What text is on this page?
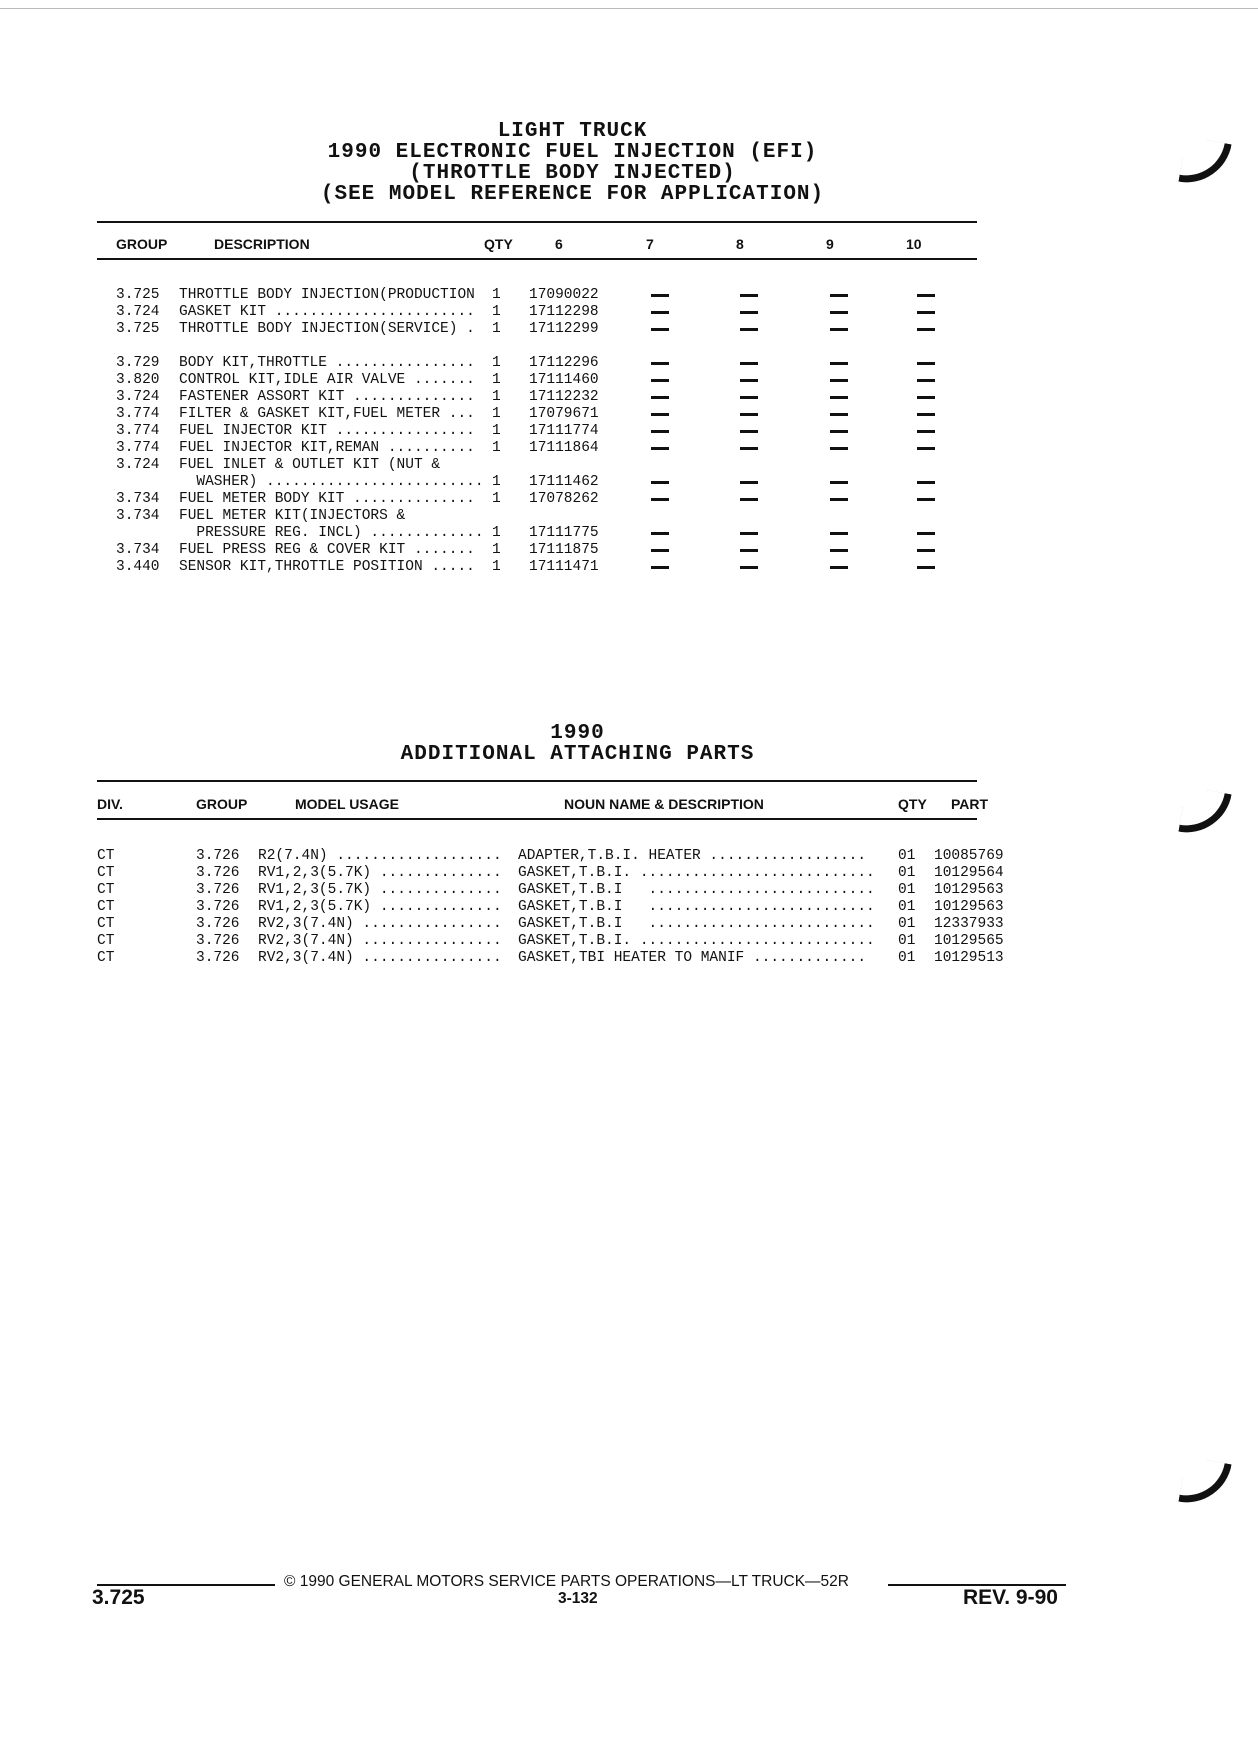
LIGHT TRUCK
1990 ELECTRONIC FUEL INJECTION (EFI)
(THROTTLE BODY INJECTED)
(SEE MODEL REFERENCE FOR APPLICATION)
GROUP	DESCRIPTION	QTY	6	7	8	9	10
3.725 THROTTLE BODY INJECTION(PRODUCTION 1 17090022
3.724 GASKET KIT ....................... 1 17112298
3.725 THROTTLE BODY INJECTION(SERVICE) . 1 17112299
3.729 BODY KIT,THROTTLE ................ 1 17112296
3.820 CONTROL KIT,IDLE AIR VALVE ....... 1 17111460
3.724 FASTENER ASSORT KIT .............. 1 17112232
3.774 FILTER & GASKET KIT,FUEL METER ... 1 17079671
3.774 FUEL INJECTOR KIT ................ 1 17111774
3.774 FUEL INJECTOR KIT,REMAN .......... 1 17111864
3.724 FUEL INLET & OUTLET KIT (NUT &
WASHER) ......................... 1 17111462
3.734 FUEL METER BODY KIT .............. 1 17078262
3.734 FUEL METER KIT(INJECTORS &
PRESSURE REG. INCL) ............. 1 17111775
3.734 FUEL PRESS REG & COVER KIT ....... 1 17111875
3.440 SENSOR KIT,THROTTLE POSITION ..... 1 17111471
1990
ADDITIONAL ATTACHING PARTS
DIV.	GROUP	MODEL USAGE	NOUN NAME & DESCRIPTION	QTY PART
CT	3.726 R2(7.4N) ................... ADAPTER,T.B.I. HEATER .................. 01 10085769
CT	3.726 RV1,2,3(5.7K) .............. GASKET,T.B.I. ........................... 01 10129564
CT	3.726 RV1,2,3(5.7K) .............. GASKET,T.B.I   .......................... 01 10129563
CT	3.726 RV1,2,3(5.7K) .............. GASKET,T.B.I   .......................... 01 10129563
CT	3.726 RV2,3(7.4N) ................ GASKET,T.B.I   .......................... 01 12337933
CT	3.726 RV2,3(7.4N) ................ GASKET,T.B.I. ........................... 01 10129565
CT	3.726 RV2,3(7.4N) ................ GASKET,TBI HEATER TO MANIF ............. 01 10129513
© 1990 GENERAL MOTORS SERVICE PARTS OPERATIONS—LT TRUCK—52R
3.725	3-132	REV. 9-90
